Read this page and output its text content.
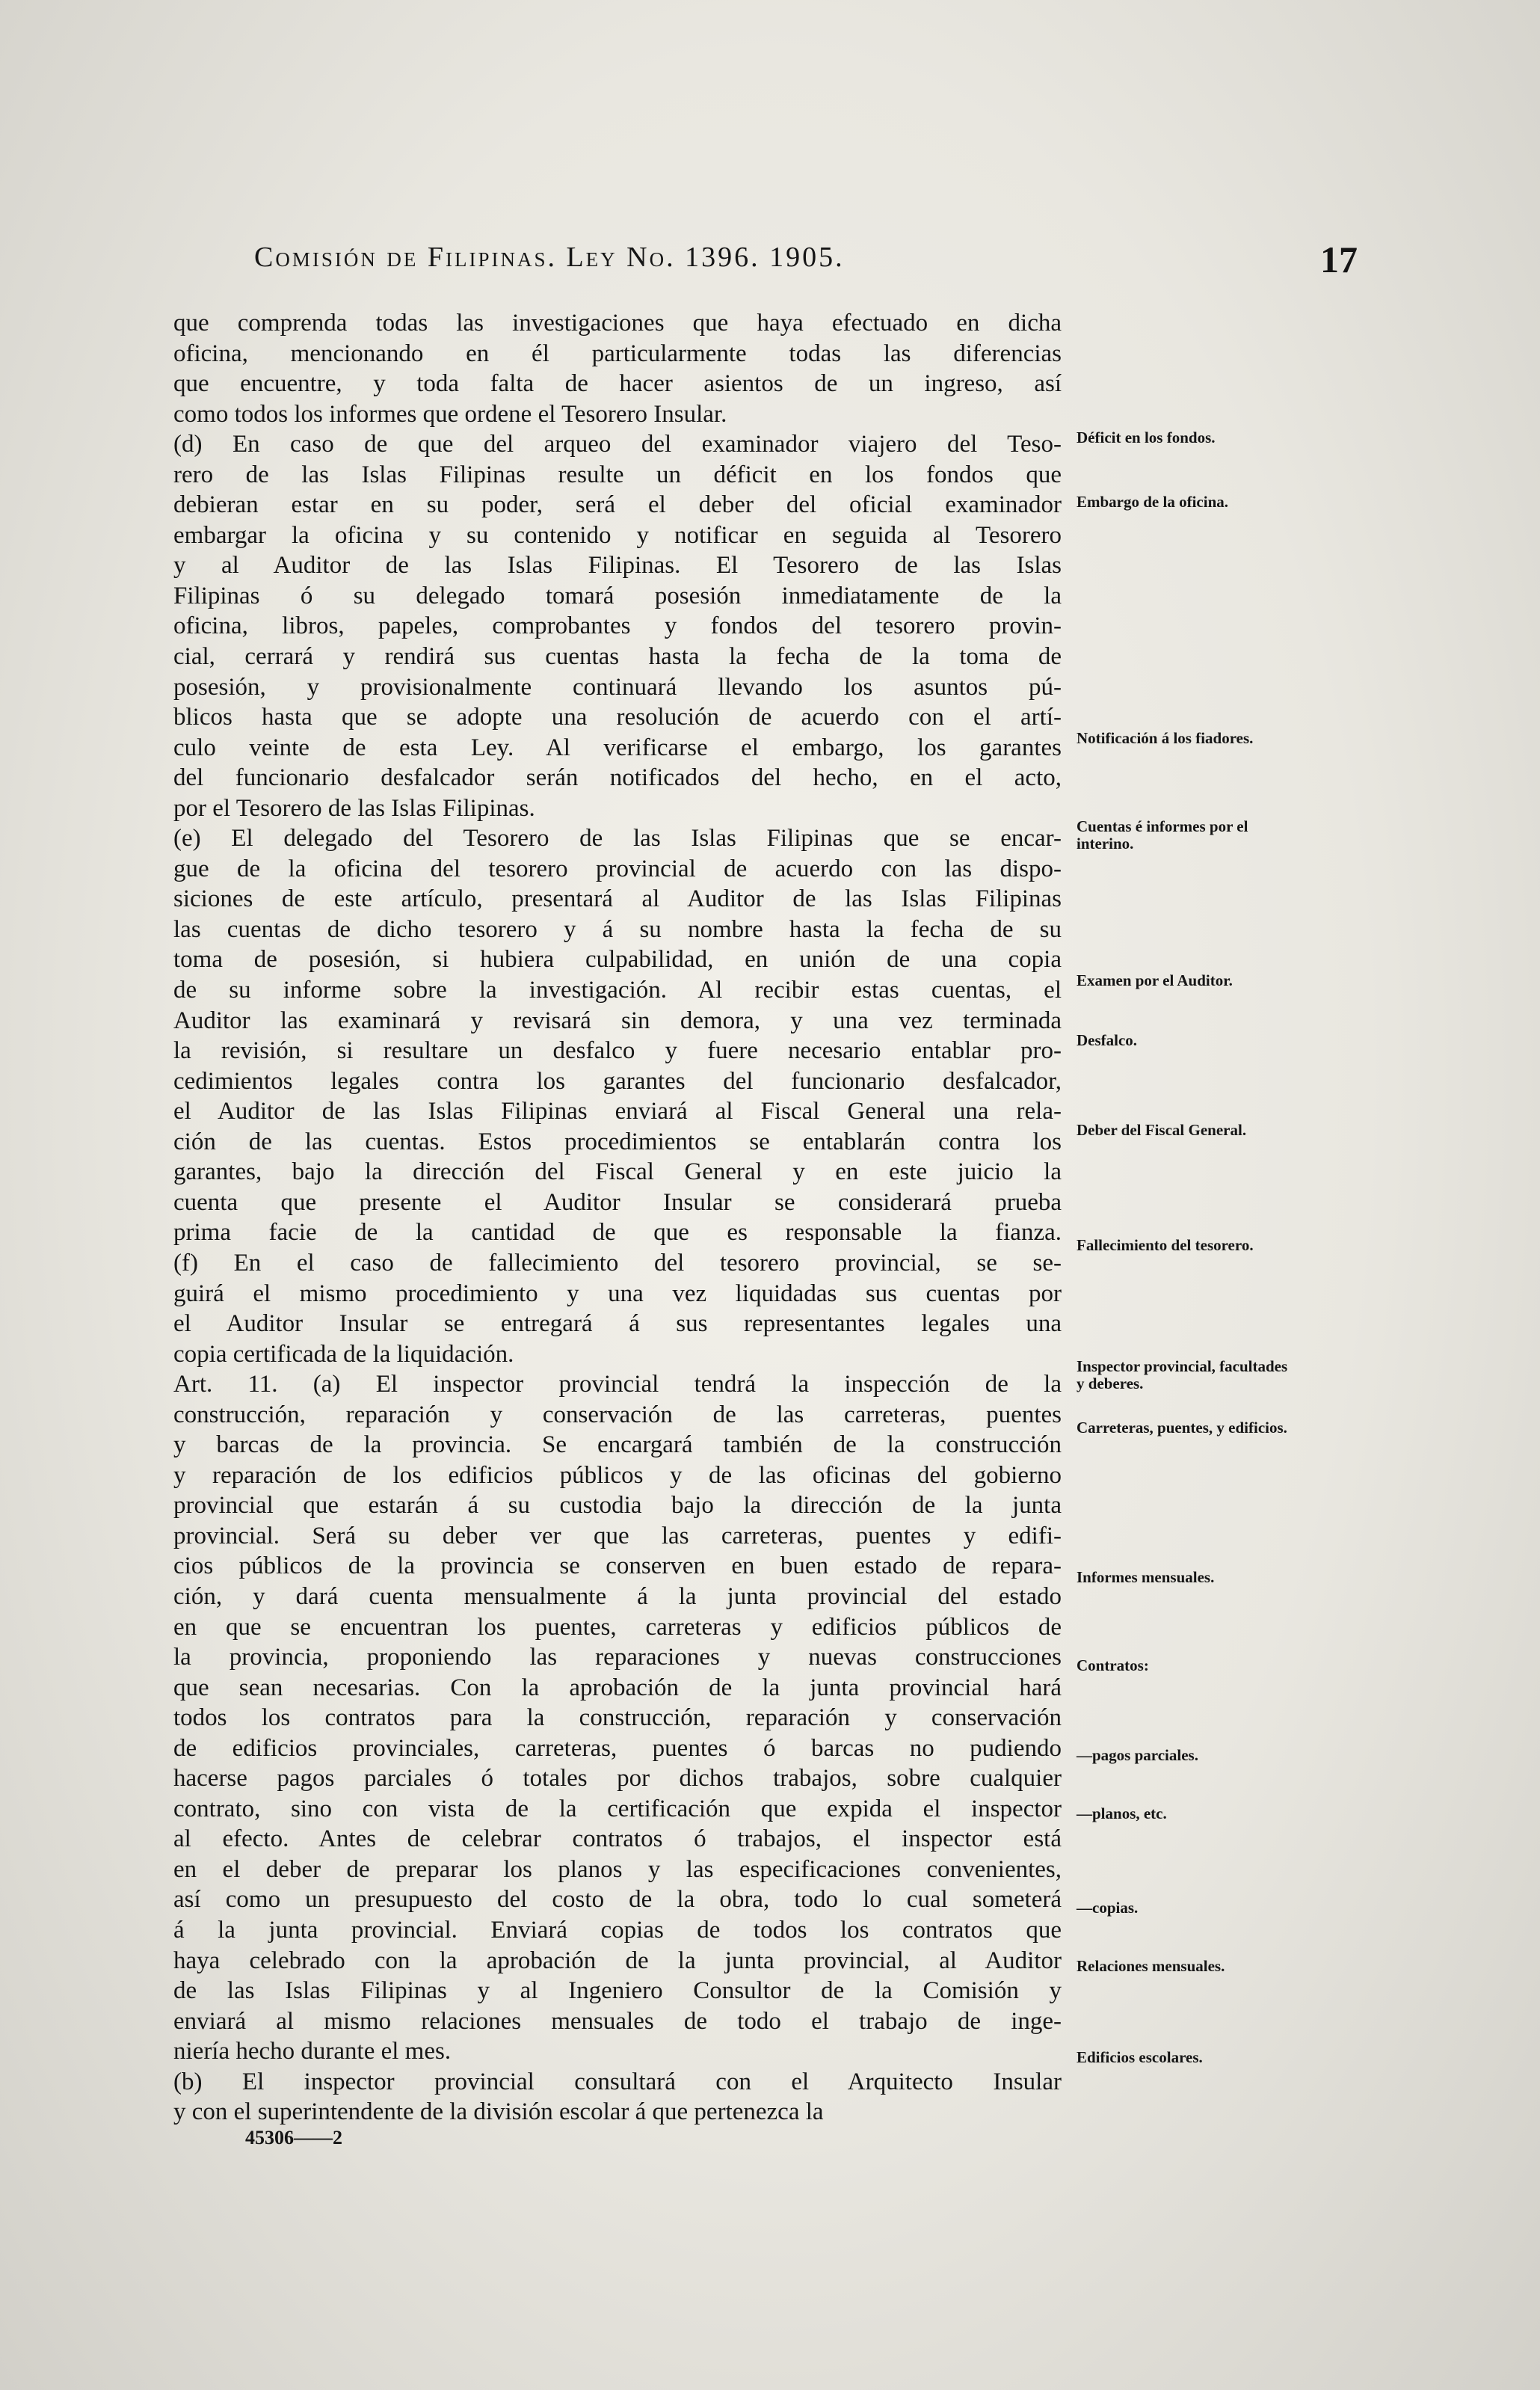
Comisión de Filipinas. Ley No. 1396. 1905.	17
que comprenda todas las investigaciones que haya efectuado en dicha
oficina, mencionando en él particularmente todas las diferencias
que encuentre, y toda falta de hacer asientos de un ingreso, así
como todos los informes que ordene el Tesorero Insular.
(d) En caso de que del arqueo del examinador viajero del Teso-
rero de las Islas Filipinas resulte un déficit en los fondos que
debieran estar en su poder, será el deber del oficial examinador
embargar la oficina y su contenido y notificar en seguida al Tesorero
y al Auditor de las Islas Filipinas. El Tesorero de las Islas
Filipinas ó su delegado tomará posesión inmediatamente de la
oficina, libros, papeles, comprobantes y fondos del tesorero provin-
cial, cerrará y rendirá sus cuentas hasta la fecha de la toma de
posesión, y provisionalmente continuará llevando los asuntos pú-
blicos hasta que se adopte una resolución de acuerdo con el artí-
culo veinte de esta Ley. Al verificarse el embargo, los garantes
del funcionario desfalcador serán notificados del hecho, en el acto,
por el Tesorero de las Islas Filipinas.
(e) El delegado del Tesorero de las Islas Filipinas que se encar-
gue de la oficina del tesorero provincial de acuerdo con las dispo-
siciones de este artículo, presentará al Auditor de las Islas Filipinas
las cuentas de dicho tesorero y á su nombre hasta la fecha de su
toma de posesión, si hubiera culpabilidad, en unión de una copia
de su informe sobre la investigación. Al recibir estas cuentas, el
Auditor las examinará y revisará sin demora, y una vez terminada
la revisión, si resultare un desfalco y fuere necesario entablar pro-
cedimientos legales contra los garantes del funcionario desfalcador,
el Auditor de las Islas Filipinas enviará al Fiscal General una rela-
ción de las cuentas. Estos procedimientos se entablarán contra los
garantes, bajo la dirección del Fiscal General y en este juicio la
cuenta que presente el Auditor Insular se considerará prueba
prima facie de la cantidad de que es responsable la fianza.
(f) En el caso de fallecimiento del tesorero provincial, se se-
guirá el mismo procedimiento y una vez liquidadas sus cuentas por
el Auditor Insular se entregará á sus representantes legales una
copia certificada de la liquidación.
Art. 11. (a) El inspector provincial tendrá la inspección de la
construcción, reparación y conservación de las carreteras, puentes
y barcas de la provincia. Se encargará también de la construcción
y reparación de los edificios públicos y de las oficinas del gobierno
provincial que estarán á su custodia bajo la dirección de la junta
provincial. Será su deber ver que las carreteras, puentes y edifi-
cios públicos de la provincia se conserven en buen estado de repara-
ción, y dará cuenta mensualmente á la junta provincial del estado
en que se encuentran los puentes, carreteras y edificios públicos de
la provincia, proponiendo las reparaciones y nuevas construcciones
que sean necesarias. Con la aprobación de la junta provincial hará
todos los contratos para la construcción, reparación y conservación
de edificios provinciales, carreteras, puentes ó barcas no pudiendo
hacerse pagos parciales ó totales por dichos trabajos, sobre cualquier
contrato, sino con vista de la certificación que expida el inspector
al efecto. Antes de celebrar contratos ó trabajos, el inspector está
en el deber de preparar los planos y las especificaciones convenientes,
así como un presupuesto del costo de la obra, todo lo cual someterá
á la junta provincial. Enviará copias de todos los contratos que
haya celebrado con la aprobación de la junta provincial, al Auditor
de las Islas Filipinas y al Ingeniero Consultor de la Comisión y
enviará al mismo relaciones mensuales de todo el trabajo de inge-
niería hecho durante el mes.
(b) El inspector provincial consultará con el Arquitecto Insular
y con el superintendente de la división escolar á que pertenezca la
Déficit en los fondos.
Embargo de la oficina.
Notificación á los fiadores.
Cuentas é informes por el interino.
Examen por el Auditor.
Desfalco.
Deber del Fiscal General.
Fallecimiento del tesorero.
Inspector provincial, facultades y deberes.
Carreteras, puentes, y edificios.
Informes mensuales.
Contratos:
—pagos parciales.
—planos, etc.
—copias.
Relaciones mensuales.
Edificios escolares.
45306——2
